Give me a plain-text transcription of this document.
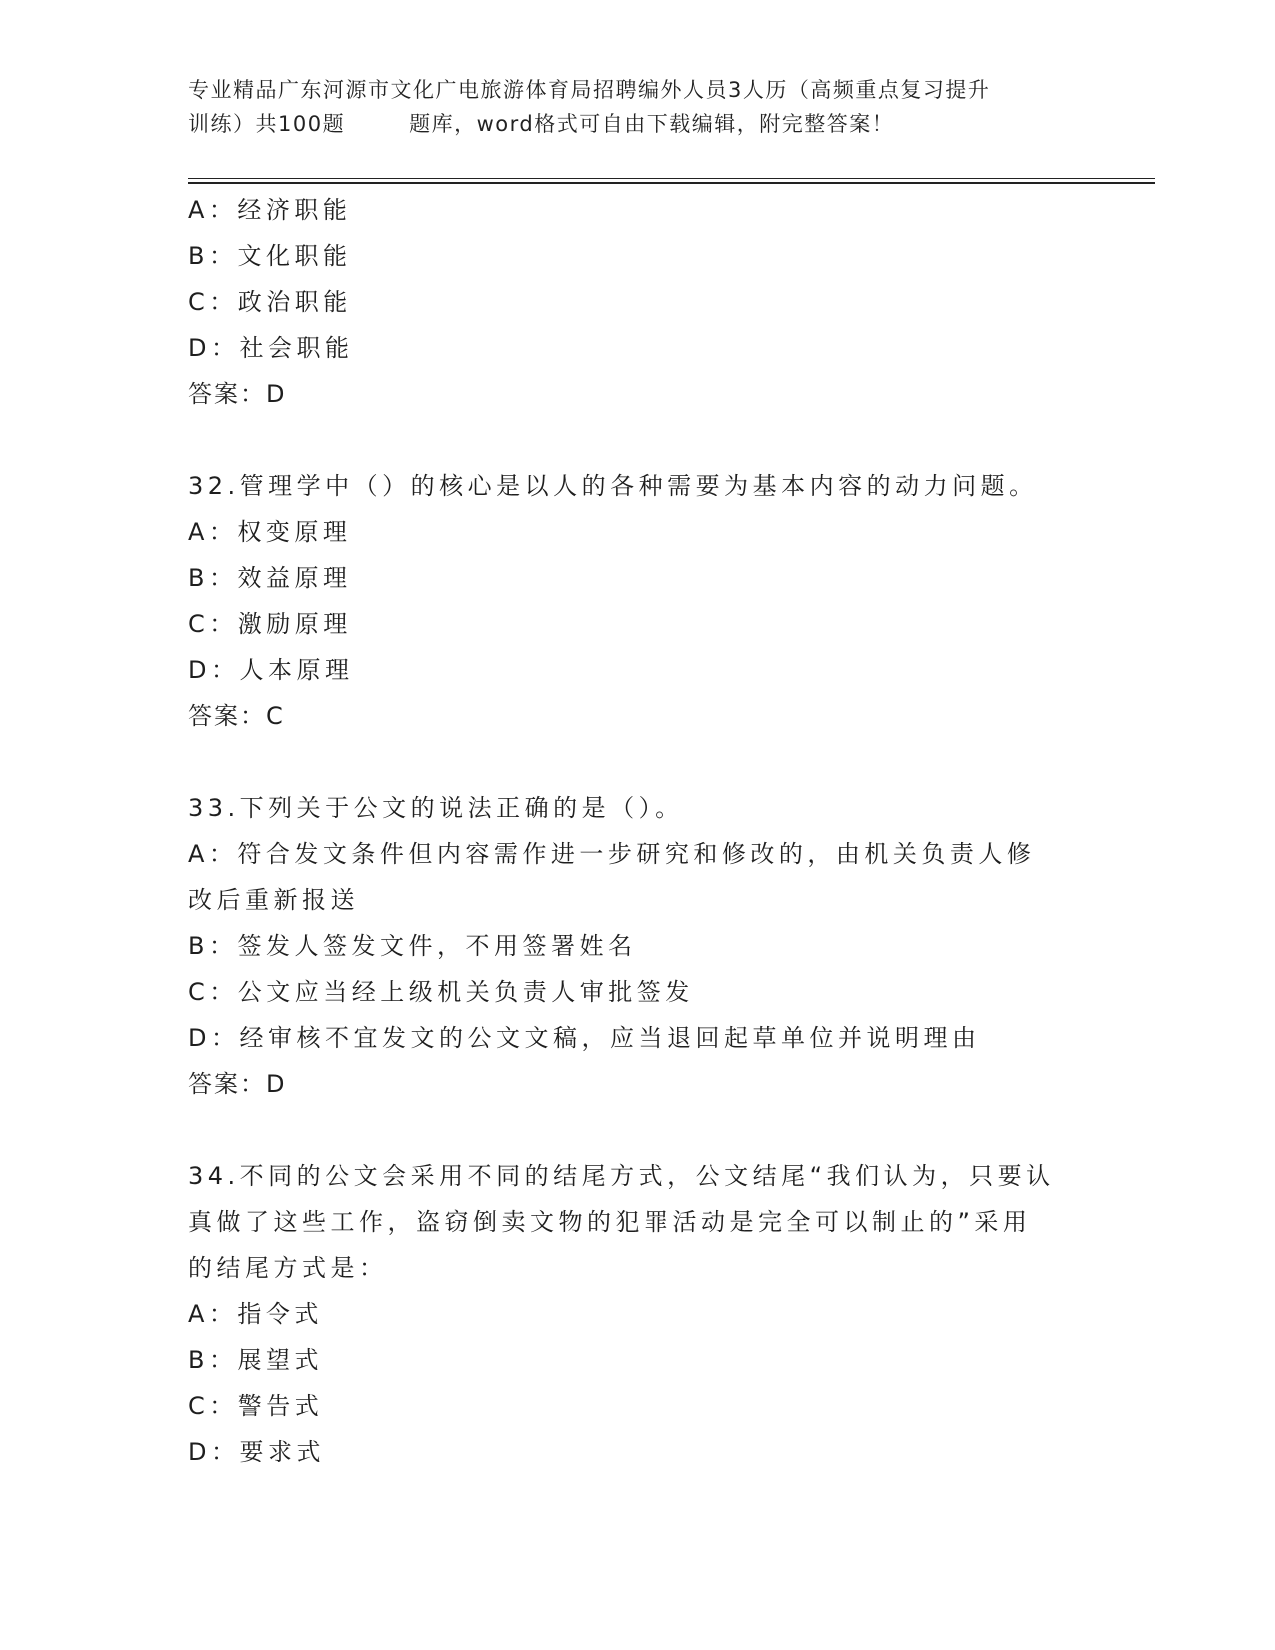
专业精品广东河源市文化广电旅游体育局招聘编外人员3人历（高频重点复习提升
训练）共100题	题库，word格式可自由下载编辑，附完整答案！
A：经济职能
B：文化职能
C：政治职能
D：社会职能
答案：D
32.管理学中（）的核心是以人的各种需要为基本内容的动力问题。
A：权变原理
B：效益原理
C：激励原理
D：人本原理
答案：C
33.下列关于公文的说法正确的是（）。
A：符合发文条件但内容需作进一步研究和修改的，由机关负责人修改后重新报送
B：签发人签发文件，不用签署姓名
C：公文应当经上级机关负责人审批签发
D：经审核不宜发文的公文文稿，应当退回起草单位并说明理由
答案：D
34.不同的公文会采用不同的结尾方式，公文结尾“我们认为，只要认真做了这些工作，盗窃倒卖文物的犯罪活动是完全可以制止的”采用的结尾方式是：
A：指令式
B：展望式
C：警告式
D：要求式
